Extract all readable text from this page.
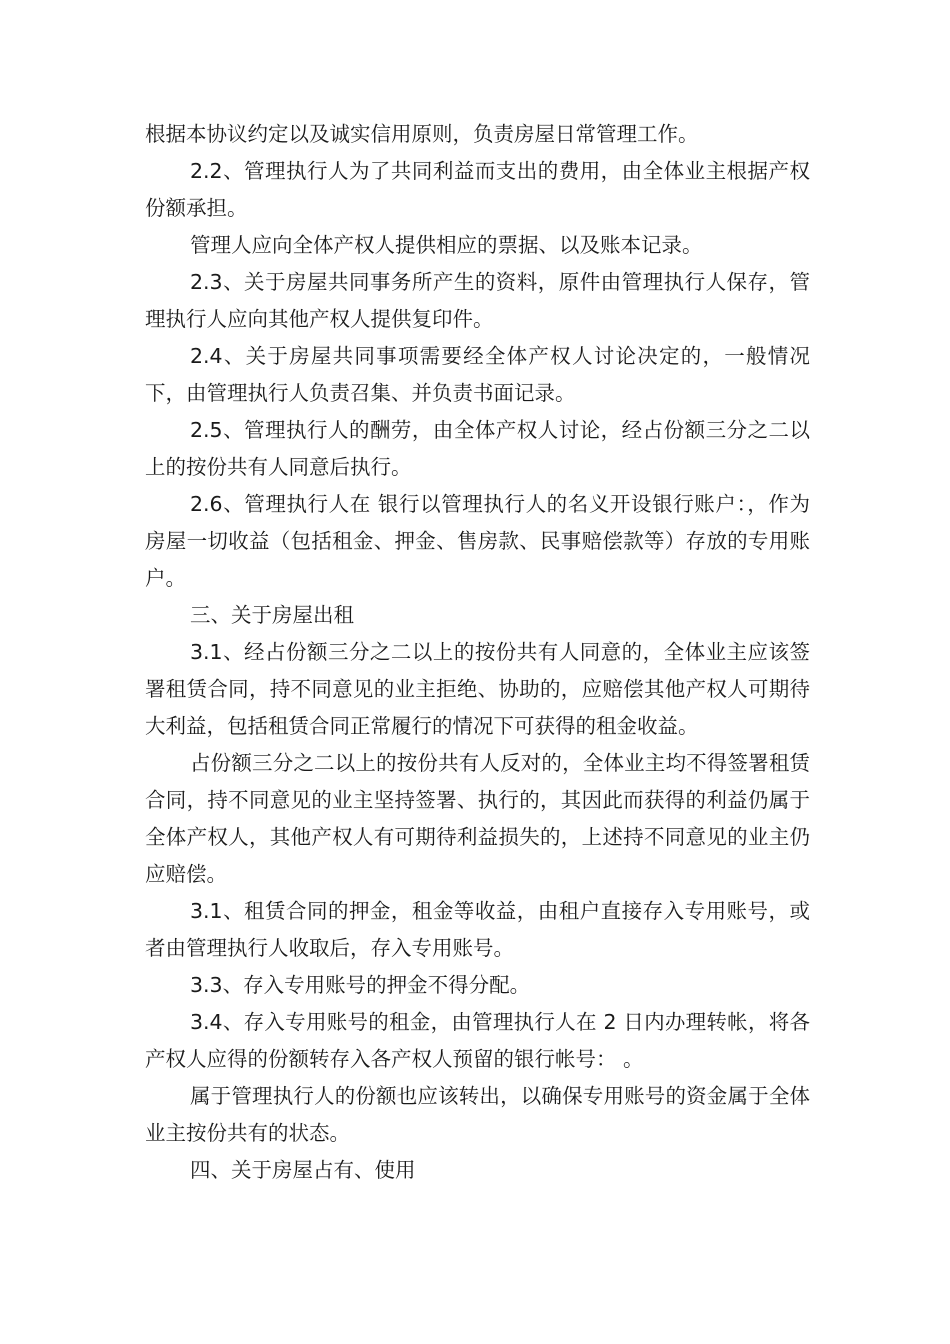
根据本协议约定以及诚实信用原则，负责房屋日常管理工作。

2.2、管理执行人为了共同利益而支出的费用，由全体业主根据产权份额承担。

管理人应向全体产权人提供相应的票据、以及账本记录。

2.3、关于房屋共同事务所产生的资料，原件由管理执行人保存，管理执行人应向其他产权人提供复印件。

2.4、关于房屋共同事项需要经全体产权人讨论决定的，一般情况下，由管理执行人负责召集、并负责书面记录。

2.5、管理执行人的酬劳，由全体产权人讨论，经占份额三分之二以上的按份共有人同意后执行。

2.6、管理执行人在 银行以管理执行人的名义开设银行账户：，作为房屋一切收益（包括租金、押金、售房款、民事赔偿款等）存放的专用账户。

三、关于房屋出租

3.1、经占份额三分之二以上的按份共有人同意的，全体业主应该签署租赁合同，持不同意见的业主拒绝、协助的，应赔偿其他产权人可期待大利益，包括租赁合同正常履行的情况下可获得的租金收益。

占份额三分之二以上的按份共有人反对的，全体业主均不得签署租赁合同，持不同意见的业主坚持签署、执行的，其因此而获得的利益仍属于全体产权人，其他产权人有可期待利益损失的，上述持不同意见的业主仍应赔偿。

3.1、租赁合同的押金，租金等收益，由租户直接存入专用账号，或者由管理执行人收取后，存入专用账号。

3.3、存入专用账号的押金不得分配。

3.4、存入专用账号的租金，由管理执行人在 2 日内办理转帐，将各产权人应得的份额转存入各产权人预留的银行帐号： 。

属于管理执行人的份额也应该转出，以确保专用账号的资金属于全体业主按份共有的状态。

四、关于房屋占有、使用
